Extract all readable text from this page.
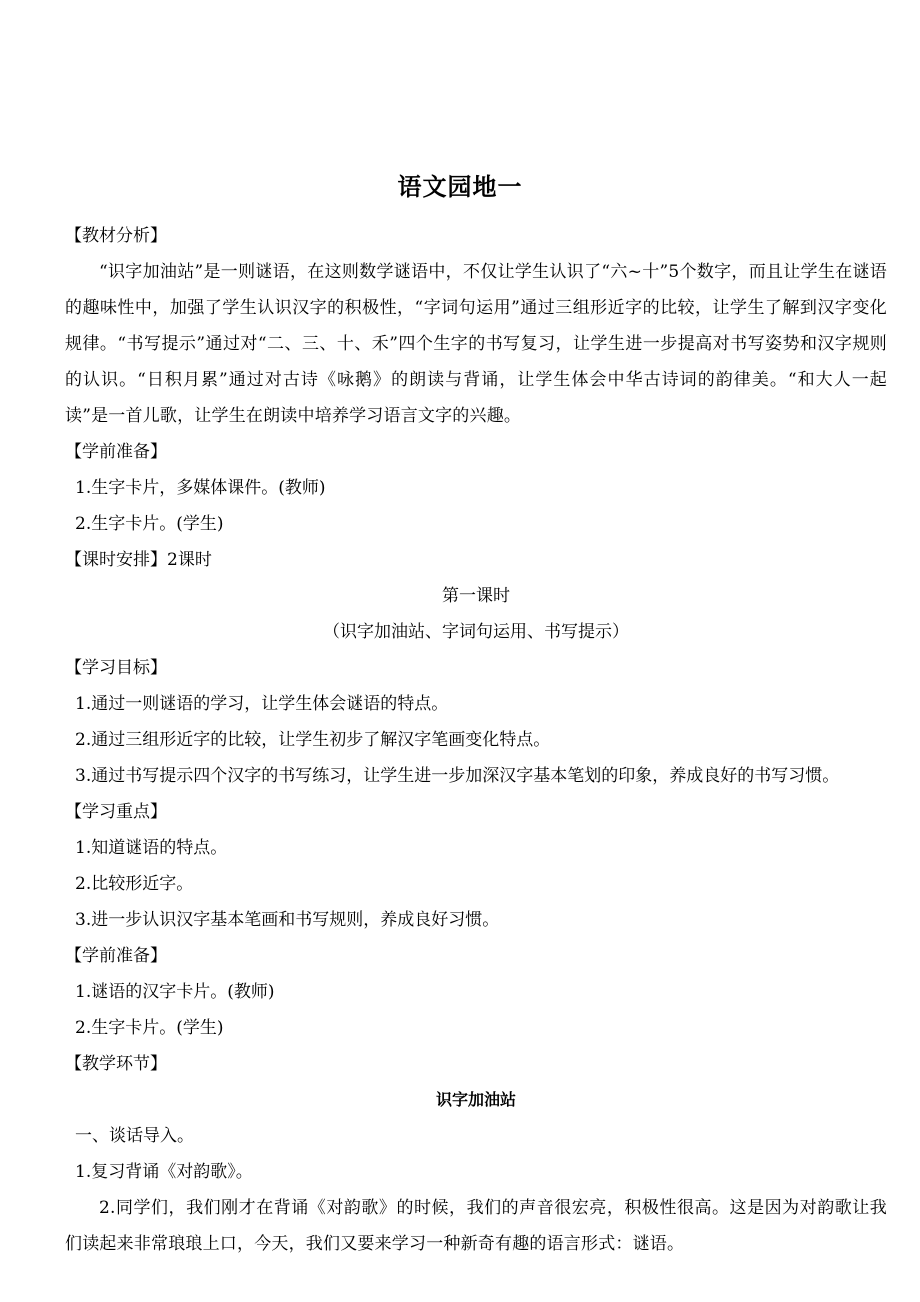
语文园地一
【教材分析】
“识字加油站”是一则谜语，在这则数学谜语中，不仅让学生认识了“六~十”5个数字，而且让学生在谜语的趣味性中，加强了学生认识汉字的积极性，“字词句运用”通过三组形近字的比较，让学生了解到汉字变化规律。“书写提示”通过对“二、三、十、禾”四个生字的书写复习，让学生进一步提高对书写姿势和汉字规则的认识。“日积月累”通过对古诗《咏鹅》的朗读与背诵，让学生体会中华古诗词的韵律美。“和大人一起读”是一首儿歌，让学生在朗读中培养学习语言文字的兴趣。
【学前准备】
1.生字卡片，多媒体课件。(教师)
2.生字卡片。(学生)
【课时安排】2课时
第一课时
（识字加油站、字词句运用、书写提示）
【学习目标】
1.通过一则谜语的学习，让学生体会谜语的特点。
2.通过三组形近字的比较，让学生初步了解汉字笔画变化特点。
3.通过书写提示四个汉字的书写练习，让学生进一步加深汉字基本笔划的印象，养成良好的书写习惯。
【学习重点】
1.知道谜语的特点。
2.比较形近字。
3.进一步认识汉字基本笔画和书写规则，养成良好习惯。
【学前准备】
1.谜语的汉字卡片。(教师)
2.生字卡片。(学生)
【教学环节】
识字加油站
一、谈话导入。
1.复习背诵《对韵歌》。
2.同学们，我们刚才在背诵《对韵歌》的时候，我们的声音很宏亮，积极性很高。这是因为对韵歌让我们读起来非常琅琅上口，今天，我们又要来学习一种新奇有趣的语言形式：谜语。
